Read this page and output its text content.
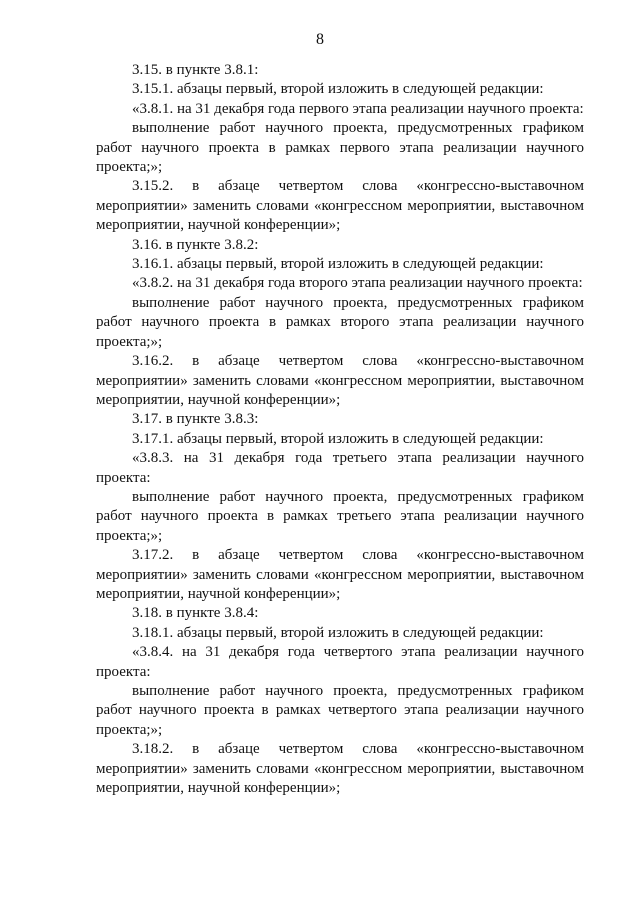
8

3.15. в пункте 3.8.1:

3.15.1. абзацы первый, второй изложить в следующей редакции:

«3.8.1. на 31 декабря года первого этапа реализации научного проекта:

выполнение работ научного проекта, предусмотренных графиком работ научного проекта в рамках первого этапа реализации научного проекта;»;

3.15.2. в абзаце четвертом слова «конгрессно-выставочном мероприятии» заменить словами «конгрессном мероприятии, выставочном мероприятии, научной конференции»;

3.16. в пункте 3.8.2:

3.16.1. абзацы первый, второй изложить в следующей редакции:

«3.8.2. на 31 декабря года второго этапа реализации научного проекта:

выполнение работ научного проекта, предусмотренных графиком работ научного проекта в рамках второго этапа реализации научного проекта;»;

3.16.2. в абзаце четвертом слова «конгрессно-выставочном мероприятии» заменить словами «конгрессном мероприятии, выставочном мероприятии, научной конференции»;

3.17. в пункте 3.8.3:

3.17.1. абзацы первый, второй изложить в следующей редакции:

«3.8.3. на 31 декабря года третьего этапа реализации научного проекта:

выполнение работ научного проекта, предусмотренных графиком работ научного проекта в рамках третьего этапа реализации научного проекта;»;

3.17.2. в абзаце четвертом слова «конгрессно-выставочном мероприятии» заменить словами «конгрессном мероприятии, выставочном мероприятии, научной конференции»;

3.18. в пункте 3.8.4:

3.18.1. абзацы первый, второй изложить в следующей редакции:

«3.8.4. на 31 декабря года четвертого этапа реализации научного проекта:

выполнение работ научного проекта, предусмотренных графиком работ научного проекта в рамках четвертого этапа реализации научного проекта;»;

3.18.2. в абзаце четвертом слова «конгрессно-выставочном мероприятии» заменить словами «конгрессном мероприятии, выставочном мероприятии, научной конференции»;
